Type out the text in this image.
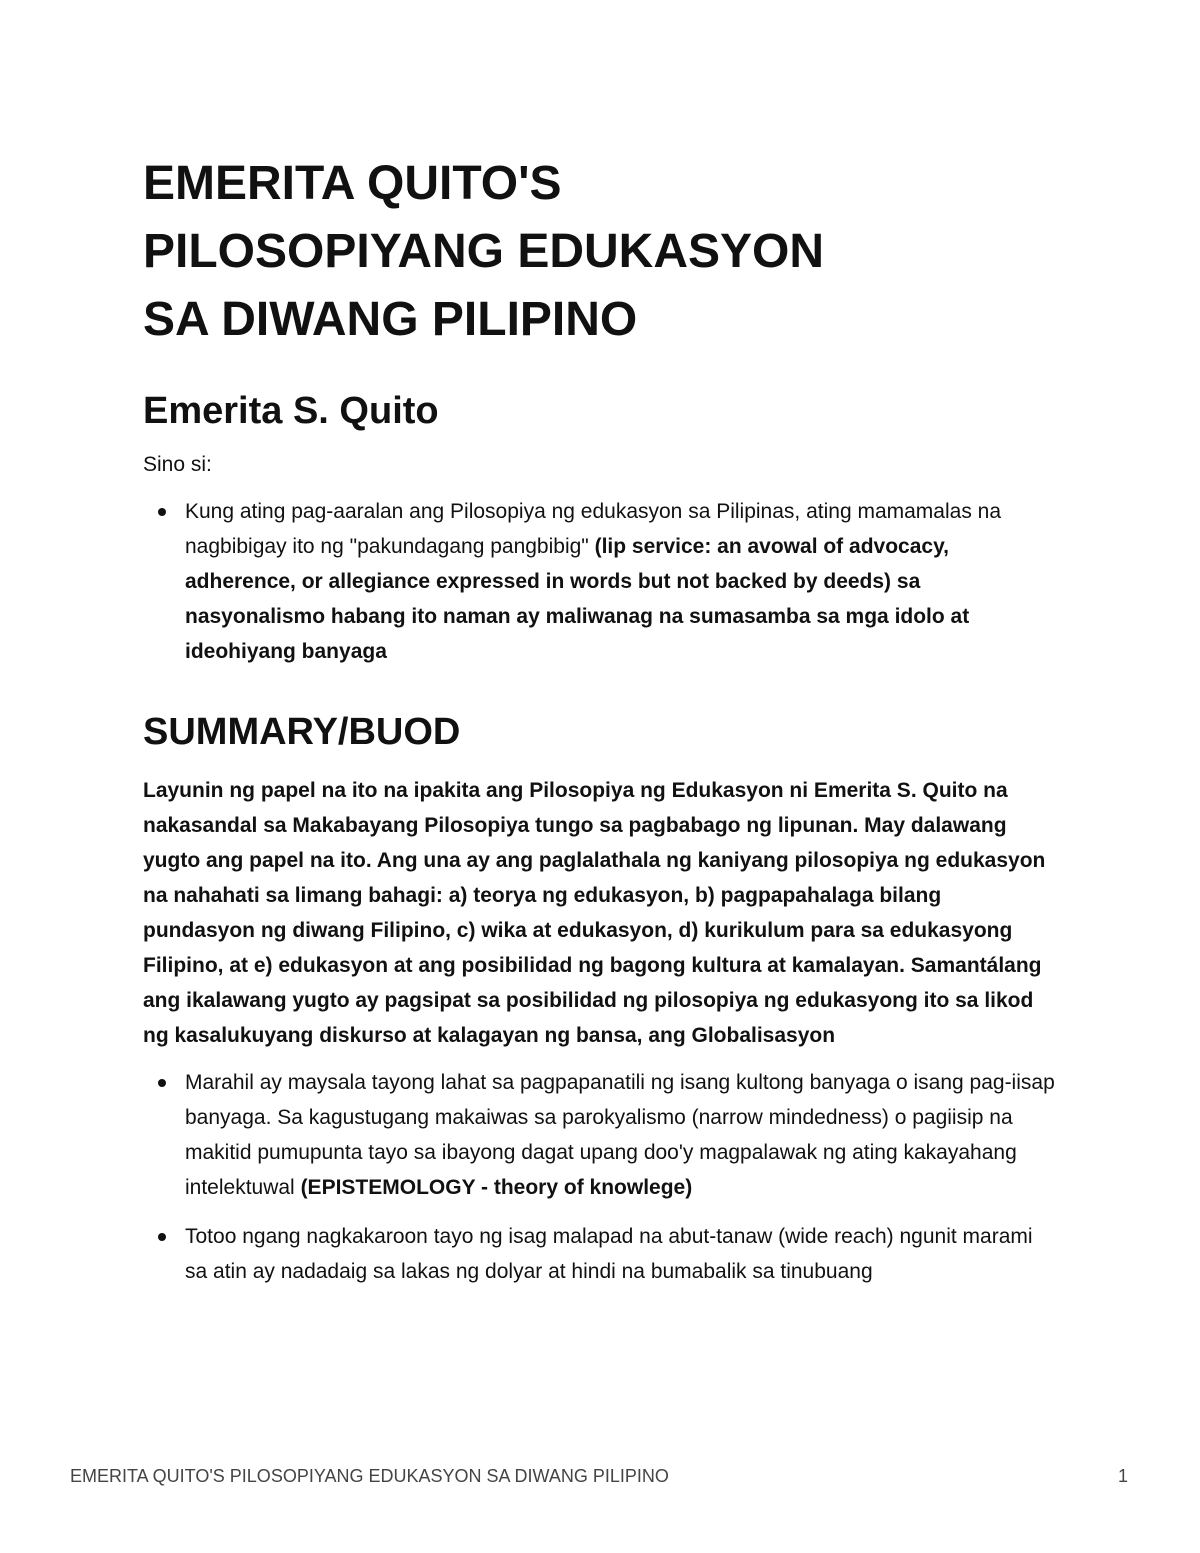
EMERITA QUITO'S
PILOSOPIYANG EDUKASYON
SA DIWANG PILIPINO
Emerita S. Quito

Sino si:

Kung ating pag-aaralan ang Pilosopiya ng edukasyon sa Pilipinas, ating mamamalas na nagbibigay ito ng "pakundagang pangbibig" (lip service: an avowal of advocacy, adherence, or allegiance expressed in words but not backed by deeds) sa nasyonalismo habang ito naman ay maliwanag na sumasamba sa mga idolo at ideohiyang banyaga
SUMMARY/BUOD

Layunin ng papel na ito na ipakita ang Pilosopiya ng Edukasyon ni Emerita S. Quito na nakasandal sa Makabayang Pilosopiya tungo sa pagbabago ng lipunan. May dalawang yugto ang papel na ito. Ang una ay ang paglalathala ng kaniyang pilosopiya ng edukasyon na nahahati sa limang bahagi: a) teorya ng edukasyon, b) pagpapahalaga bilang pundasyon ng diwang Filipino, c) wika at edukasyon, d) kurikulum para sa edukasyong Filipino, at e) edukasyon at ang posibilidad ng bagong kultura at kamalayan. Samantálang ang ikalawang yugto ay pagsipat sa posibilidad ng pilosopiya ng edukasyong ito sa likod ng kasalukuyang diskurso at kalagayan ng bansa, ang Globalisasyon

Marahil ay maysala tayong lahat sa pagpapanatili ng isang kultong banyaga o isang pag-iisap banyaga. Sa kagustugang makaiwas sa parokyalismo (narrow mindedness) o pagiisip na makitid pumupunta tayo sa ibayong dagat upang doo'y magpalawak ng ating kakayahang intelektuwal (EPISTEMOLOGY - theory of knowlege)
Totoo ngang nagkakaroon tayo ng isag malapad na abut-tanaw (wide reach) ngunit marami sa atin ay nadadaig sa lakas ng dolyar at hindi na bumabalik sa tinubuang
EMERITA QUITO'S PILOSOPIYANG EDUKASYON SA DIWANG PILIPINO	1
